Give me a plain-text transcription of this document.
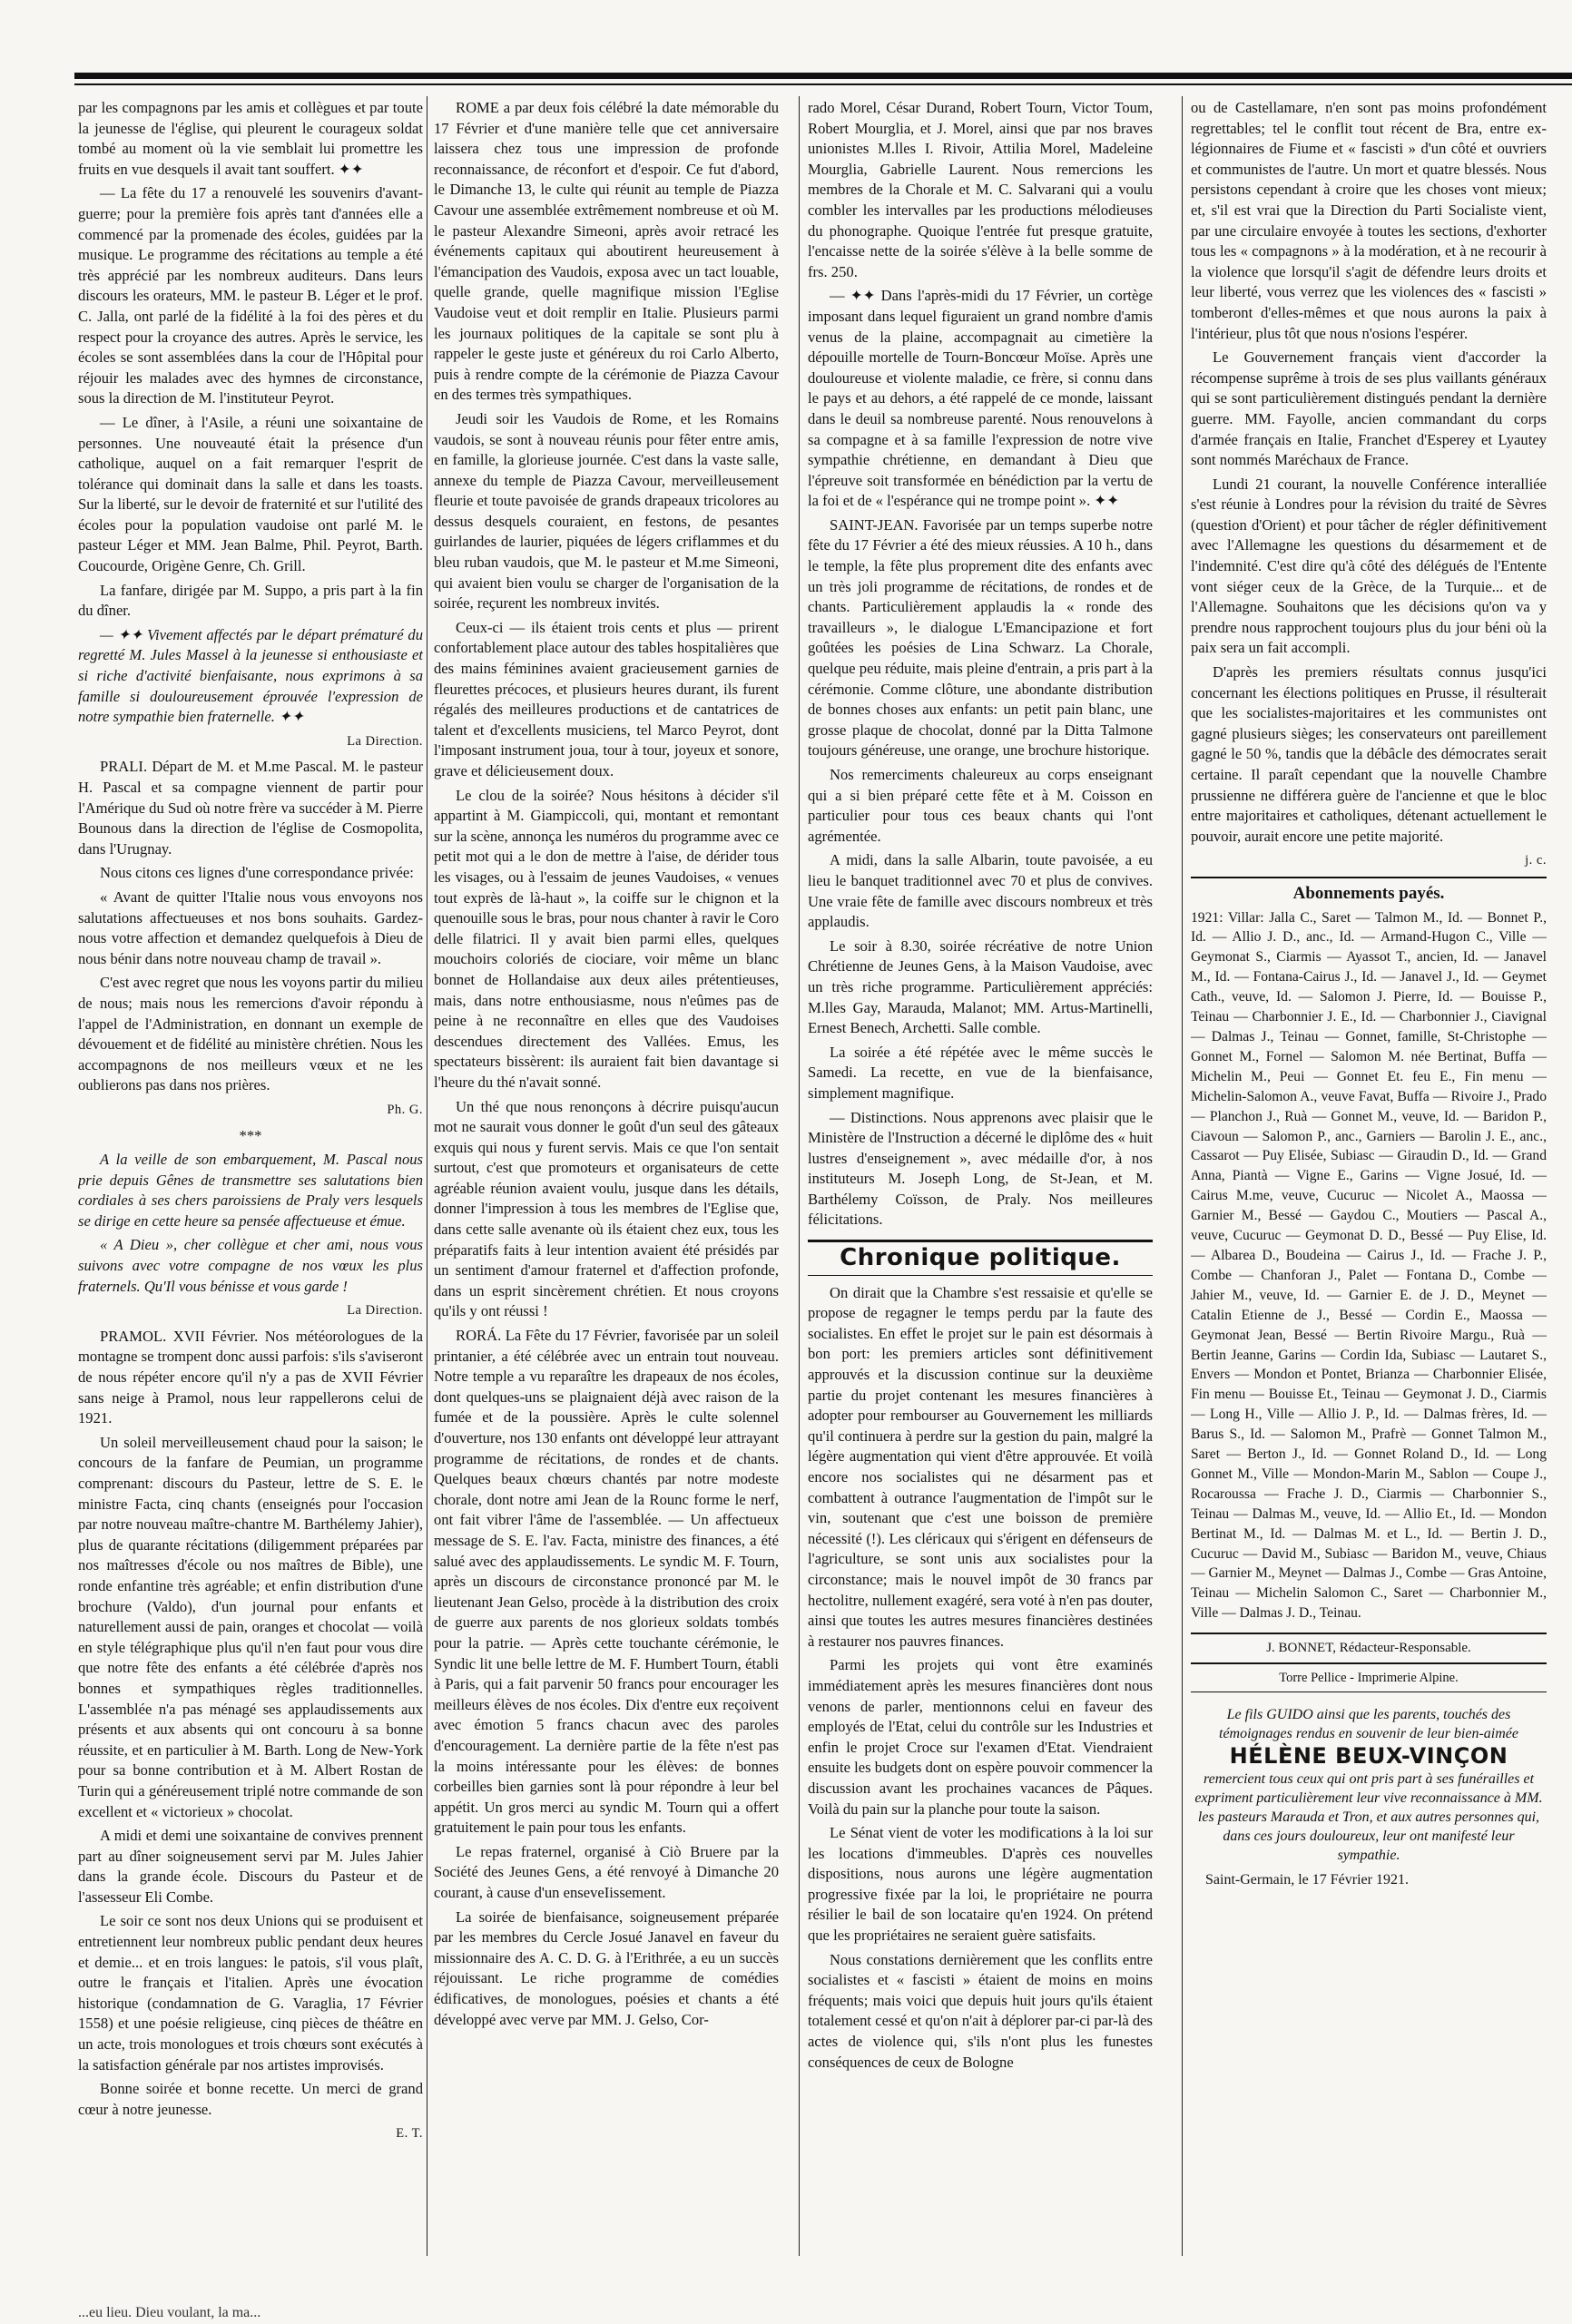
par les compagnons par les amis et collègues et par toute la jeunesse de l'église, qui pleurent le courageux soldat tombé au moment où la vie semblait lui promettre les fruits en vue desquels il avait tant souffert. ✦✦

— La fête du 17 a renouvelé les souvenirs d'avant-guerre; pour la première fois après tant d'années elle a commencé par la promenade des écoles, guidées par la musique. Le programme des récitations au temple a été très apprécié par les nombreux auditeurs. Dans leurs discours les orateurs, MM. le pasteur B. Léger et le prof. C. Jalla, ont parlé de la fidélité à la foi des pères et du respect pour la croyance des autres. Après le service, les écoles se sont assemblées dans la cour de l'Hôpital pour réjouir les malades avec des hymnes de circonstance, sous la direction de M. l'instituteur Peyrot.

— Le dîner, à l'Asile, a réuni une soixantaine de personnes. Une nouveauté était la présence d'un catholique, auquel on a fait remarquer l'esprit de tolérance qui dominait dans la salle et dans les toasts. Sur la liberté, sur le devoir de fraternité et sur l'utilité des écoles pour la population vaudoise ont parlé M. le pasteur Léger et MM. Jean Balme, Phil. Peyrot, Barth. Coucourde, Origène Genre, Ch. Grill.

La fanfare, dirigée par M. Suppo, a pris part à la fin du dîner.

— ✦✦ Vivement affectés par le départ prématuré du regretté M. Jules Massel à la jeunesse si enthousiaste et si riche d'activité bienfaisante, nous exprimons à sa famille si douloureusement éprouvée l'expression de notre sympathie bien fraternelle. ✦✦

La Direction.

PRALI. Départ de M. et M.me Pascal. M. le pasteur H. Pascal et sa compagne viennent de partir pour l'Amérique du Sud où notre frère va succéder à M. Pierre Bounous dans la direction de l'église de Cosmopolita, dans l'Urugnay.

Nous citons ces lignes d'une correspondance privée:

« Avant de quitter l'Italie nous vous envoyons nos salutations affectueuses et nos bons souhaits. Gardez-nous votre affection et demandez quelquefois à Dieu de nous bénir dans notre nouveau champ de travail ».

C'est avec regret que nous les voyons partir du milieu de nous; mais nous les remercions d'avoir répondu à l'appel de l'Administration, en donnant un exemple de dévouement et de fidélité au ministère chrétien. Nous les accompagnons de nos meilleurs vœux et ne les oublierons pas dans nos prières.

Ph. G.

***

A la veille de son embarquement, M. Pascal nous prie depuis Gênes de transmettre ses salutations bien cordiales à ses chers paroissiens de Praly vers lesquels se dirige en cette heure sa pensée affectueuse et émue.

« A Dieu », cher collègue et cher ami, nous vous suivons avec votre compagne de nos vœux les plus fraternels. Qu'Il vous bénisse et vous garde !

La Direction.

PRAMOL. XVII Février. Nos météorologues de la montagne se trompent donc aussi parfois: s'ils s'aviseront de nous répéter encore qu'il n'y a pas de XVII Février sans neige à Pramol, nous leur rappellerons celui de 1921.

Un soleil merveilleusement chaud pour la saison; le concours de la fanfare de Peumian, un programme comprenant: discours du Pasteur, lettre de S. E. le ministre Facta, cinq chants (enseignés pour l'occasion par notre nouveau maître-chantre M. Barthélemy Jahier), plus de quarante récitations (diligemment préparées par nos maîtresses d'école ou nos maîtres de Bible), une ronde enfantine très agréable; et enfin distribution d'une brochure (Valdo), d'un journal pour enfants et naturellement aussi de pain, oranges et chocolat — voilà en style télégraphique plus qu'il n'en faut pour vous dire que notre fête des enfants a été célébrée d'après nos bonnes et sympathiques règles traditionnelles. L'assemblée n'a pas ménagé ses applaudissements aux présents et aux absents qui ont concouru à sa bonne réussite, et en particulier à M. Barth. Long de New-York pour sa bonne contribution et à M. Albert Rostan de Turin qui a généreusement triplé notre commande de son excellent et « victorieux » chocolat.

A midi et demi une soixantaine de convives prennent part au dîner soigneusement servi par M. Jules Jahier dans la grande école. Discours du Pasteur et de l'assesseur Eli Combe.

Le soir ce sont nos deux Unions qui se produisent et entretiennent leur nombreux public pendant deux heures et demie... et en trois langues: le patois, s'il vous plaît, outre le français et l'italien. Après une évocation historique (condamnation de G. Varaglia, 17 Février 1558) et une poésie religieuse, cinq pièces de théâtre en un acte, trois monologues et trois chœurs sont exécutés à la satisfaction générale par nos artistes improvisés.

Bonne soirée et bonne recette. Un merci de grand cœur à notre jeunesse.

E. T.

ROME a par deux fois célébré la date mémorable du 17 Février et d'une manière telle que cet anniversaire laissera chez tous une impression de profonde reconnaissance, de réconfort et d'espoir. Ce fut d'abord, le Dimanche 13, le culte qui réunit au temple de Piazza Cavour une assemblée extrêmement nombreuse et où M. le pasteur Alexandre Simeoni, après avoir retracé les événements capitaux qui aboutirent heureusement à l'émancipation des Vaudois, exposa avec un tact louable, quelle grande, quelle magnifique mission l'Eglise Vaudoise veut et doit remplir en Italie. Plusieurs parmi les journaux politiques de la capitale se sont plu à rappeler le geste juste et généreux du roi Carlo Alberto, puis à rendre compte de la cérémonie de Piazza Cavour en des termes très sympathiques.

Jeudi soir les Vaudois de Rome, et les Romains vaudois, se sont à nouveau réunis pour fêter entre amis, en famille, la glorieuse journée. C'est dans la vaste salle, annexe du temple de Piazza Cavour, merveilleusement fleurie et toute pavoisée de grands drapeaux tricolores au dessus desquels couraient, en festons, de pesantes guirlandes de laurier, piquées de légers criflammes et du bleu ruban vaudois, que M. le pasteur et M.me Simeoni, qui avaient bien voulu se charger de l'organisation de la soirée, reçurent les nombreux invités.

Ceux-ci — ils étaient trois cents et plus — prirent confortablement place autour des tables hospitalières que des mains féminines avaient gracieusement garnies de fleurettes précoces, et plusieurs heures durant, ils furent régalés des meilleures productions et de cantatrices de talent et d'excellents musiciens, tel Marco Peyrot, dont l'imposant instrument joua, tour à tour, joyeux et sonore, grave et délicieusement doux.

Le clou de la soirée? Nous hésitons à décider s'il appartint à M. Giampiccoli, qui, montant et remontant sur la scène, annonça les numéros du programme avec ce petit mot qui a le don de mettre à l'aise, de dérider tous les visages, ou à l'essaim de jeunes Vaudoises, « venues tout exprès de là-haut », la coiffe sur le chignon et la quenouille sous le bras, pour nous chanter à ravir le Coro delle filatrici. Il y avait bien parmi elles, quelques mouchoirs coloriés de ciociare, voir même un blanc bonnet de Hollandaise aux deux ailes prétentieuses, mais, dans notre enthousiasme, nous n'eûmes pas de peine à ne reconnaître en elles que des Vaudoises descendues directement des Vallées. Emus, les spectateurs bissèrent: ils auraient fait bien davantage si l'heure du thé n'avait sonné.

Un thé que nous renonçons à décrire puisqu'aucun mot ne saurait vous donner le goût d'un seul des gâteaux exquis qui nous y furent servis. Mais ce que l'on sentait surtout, c'est que promoteurs et organisateurs de cette agréable réunion avaient voulu, jusque dans les détails, donner l'impression à tous les membres de l'Eglise que, dans cette salle avenante où ils étaient chez eux, tous les préparatifs faits à leur intention avaient été présidés par un sentiment d'amour fraternel et d'affection profonde, dans un esprit sincèrement chrétien. Et nous croyons qu'ils y ont réussi !

RORÁ. La Fête du 17 Février, favorisée par un soleil printanier, a été célébrée avec un entrain tout nouveau. Notre temple a vu reparaître les drapeaux de nos écoles, dont quelques-uns se plaignaient déjà avec raison de la fumée et de la poussière. Après le culte solennel d'ouverture, nos 130 enfants ont développé leur attrayant programme de récitations, de rondes et de chants. Quelques beaux chœurs chantés par notre modeste chorale, dont notre ami Jean de la Rounc forme le nerf, ont fait vibrer l'âme de l'assemblée. — Un affectueux message de S. E. l'av. Facta, ministre des finances, a été salué avec des applaudissements. Le syndic M. F. Tourn, après un discours de circonstance prononcé par M. le lieutenant Jean Gelso, procède à la distribution des croix de guerre aux parents de nos glorieux soldats tombés pour la patrie. — Après cette touchante cérémonie, le Syndic lit une belle lettre de M. F. Humbert Tourn, établi à Paris, qui a fait parvenir 50 francs pour encourager les meilleurs élèves de nos écoles. Dix d'entre eux reçoivent avec émotion 5 francs chacun avec des paroles d'encouragement. La dernière partie de la fête n'est pas la moins intéressante pour les élèves: de bonnes corbeilles bien garnies sont là pour répondre à leur bel appétit. Un gros merci au syndic M. Tourn qui a offert gratuitement le pain pour tous les enfants.

Le repas fraternel, organisé à Ciò Bruere par la Société des Jeunes Gens, a été renvoyé à Dimanche 20 courant, à cause d'un enseveIissement.

La soirée de bienfaisance, soigneusement préparée par les membres du Cercle Josué Janavel en faveur du missionnaire des A. C. D. G. à l'Erithrée, a eu un succès réjouissant. Le riche programme de comédies édificatives, de monologues, poésies et chants a été développé avec verve par MM. J. Gelso, Cor-

rado Morel, César Durand, Robert Tourn, Victor Toum, Robert Mourglia, et J. Morel, ainsi que par nos braves unionistes M.lles I. Rivoir, Attilia Morel, Madeleine Mourglia, Gabrielle Laurent. Nous remercions les membres de la Chorale et M. C. Salvarani qui a voulu combler les intervalles par les productions mélodieuses du phonographe. Quoique l'entrée fut presque gratuite, l'encaisse nette de la soirée s'élève à la belle somme de frs. 250.

— ✦✦ Dans l'après-midi du 17 Février, un cortège imposant dans lequel figuraient un grand nombre d'amis venus de la plaine, accompagnait au cimetière la dépouille mortelle de Tourn-Boncœur Moïse. Après une douloureuse et violente maladie, ce frère, si connu dans le pays et au dehors, a été rappelé de ce monde, laissant dans le deuil sa nombreuse parenté. Nous renouvelons à sa compagne et à sa famille l'expression de notre vive sympathie chrétienne, en demandant à Dieu que l'épreuve soit transformée en bénédiction par la vertu de la foi et de « l'espérance qui ne trompe point ». ✦✦

SAINT-JEAN. Favorisée par un temps superbe notre fête du 17 Février a été des mieux réussies. A 10 h., dans le temple, la fête plus proprement dite des enfants avec un très joli programme de récitations, de rondes et de chants. Particulièrement applaudis la « ronde des travailleurs », le dialogue L'Emancipazione et fort goûtées les poésies de Lina Schwarz. La Chorale, quelque peu réduite, mais pleine d'entrain, a pris part à la cérémonie. Comme clôture, une abondante distribution de bonnes choses aux enfants: un petit pain blanc, une grosse plaque de chocolat, donné par la Ditta Talmone toujours généreuse, une orange, une brochure historique.

Nos remerciments chaleureux au corps enseignant qui a si bien préparé cette fête et à M. Coisson en particulier pour tous ces beaux chants qui l'ont agrémentée.

A midi, dans la salle Albarin, toute pavoisée, a eu lieu le banquet traditionnel avec 70 et plus de convives. Une vraie fête de famille avec discours nombreux et très applaudis.

Le soir à 8.30, soirée récréative de notre Union Chrétienne de Jeunes Gens, à la Maison Vaudoise, avec un très riche programme. Particulièrement appréciés: M.lles Gay, Marauda, Malanot; MM. Artus-Martinelli, Ernest Benech, Archetti. Salle comble.

La soirée a été répétée avec le même succès le Samedi. La recette, en vue de la bienfaisance, simplement magnifique.

— Distinctions. Nous apprenons avec plaisir que le Ministère de l'Instruction a décerné le diplôme des « huit lustres d'enseignement », avec médaille d'or, à nos instituteurs M. Joseph Long, de St-Jean, et M. Barthélemy Coïsson, de Praly. Nos meilleures félicitations.

Chronique politique.

On dirait que la Chambre s'est ressaisie et qu'elle se propose de regagner le temps perdu par la faute des socialistes. En effet le projet sur le pain est désormais à bon port: les premiers articles sont définitivement approuvés et la discussion continue sur la deuxième partie du projet contenant les mesures financières à adopter pour rembourser au Gouvernement les milliards qu'il continuera à perdre sur la gestion du pain, malgré la légère augmentation qui vient d'être approuvée. Et voilà encore nos socialistes qui ne désarment pas et combattent à outrance l'augmentation de l'impôt sur le vin, soutenant que c'est une boisson de première nécessité (!). Les cléricaux qui s'érigent en défenseurs de l'agriculture, se sont unis aux socialistes pour la circonstance; mais le nouvel impôt de 30 francs par hectolitre, nullement exagéré, sera voté à n'en pas douter, ainsi que toutes les autres mesures financières destinées à restaurer nos pauvres finances.

Parmi les projets qui vont être examinés immédiatement après les mesures financières dont nous venons de parler, mentionnons celui en faveur des employés de l'Etat, celui du contrôle sur les Industries et enfin le projet Croce sur l'examen d'Etat. Viendraient ensuite les budgets dont on espère pouvoir commencer la discussion avant les prochaines vacances de Pâques. Voilà du pain sur la planche pour toute la saison.

Le Sénat vient de voter les modifications à la loi sur les locations d'immeubles. D'après ces nouvelles dispositions, nous aurons une légère augmentation progressive fixée par la loi, le propriétaire ne pourra résilier le bail de son locataire qu'en 1924. On prétend que les propriétaires ne seraient guère satisfaits.

Nous constations dernièrement que les conflits entre socialistes et « fascisti » étaient de moins en moins fréquents; mais voici que depuis huit jours qu'ils étaient totalement cessé et qu'on n'ait à déplorer par-ci par-là des actes de violence qui, s'ils n'ont plus les funestes conséquences de ceux de Bologne

ou de Castellamare, n'en sont pas moins profondément regrettables; tel le conflit tout récent de Bra, entre ex-légionnaires de Fiume et « fascisti » d'un côté et ouvriers et communistes de l'autre. Un mort et quatre blessés. Nous persistons cependant à croire que les choses vont mieux; et, s'il est vrai que la Direction du Parti Socialiste vient, par une circulaire envoyée à toutes les sections, d'exhorter tous les « compagnons » à la modération, et à ne recourir à la violence que lorsqu'il s'agit de défendre leurs droits et leur liberté, vous verrez que les violences des « fascisti » tomberont d'elles-mêmes et que nous aurons la paix à l'intérieur, plus tôt que nous n'osions l'espérer.

Le Gouvernement français vient d'accorder la récompense suprême à trois de ses plus vaillants généraux qui se sont particulièrement distingués pendant la dernière guerre. MM. Fayolle, ancien commandant du corps d'armée français en Italie, Franchet d'Esperey et Lyautey sont nommés Maréchaux de France.

Lundi 21 courant, la nouvelle Conférence interalliée s'est réunie à Londres pour la révision du traité de Sèvres (question d'Orient) et pour tâcher de régler définitivement avec l'Allemagne les questions du désarmement et de l'indemnité. C'est dire qu'à côté des délégués de l'Entente vont siéger ceux de la Grèce, de la Turquie... et de l'Allemagne. Souhaitons que les décisions qu'on va y prendre nous rapprochent toujours plus du jour béni où la paix sera un fait accompli.

D'après les premiers résultats connus jusqu'ici concernant les élections politiques en Prusse, il résulterait que les socialistes-majoritaires et les communistes ont gagné plusieurs sièges; les conservateurs ont pareillement gagné le 50 %, tandis que la débâcle des démocrates serait certaine. Il paraît cependant que la nouvelle Chambre prussienne ne différera guère de l'ancienne et que le bloc entre majoritaires et catholiques, détenant actuellement le pouvoir, aurait encore une petite majorité.

j. c.

Abonnements payés.

1921: Villar: Jalla C., Saret — Talmon M., Id. — Bonnet P., Id. — Allio J. D., anc., Id. — Armand-Hugon C., Ville — Geymonat S., Ciarmis — Ayassot T., ancien, Id. — Janavel M., Id. — Fontana-Cairus J., Id. — Janavel J., Id. — Geymet Cath., veuve, Id. — Salomon J. Pierre, Id. — Bouisse P., Teinau — Charbonnier J. E., Id. — Charbonnier J., Ciavignal — Dalmas J., Teinau — Gonnet, famille, St-Christophe — Gonnet M., Fornel — Salomon M. née Bertinat, Buffa — Michelin M., Peui — Gonnet Et. feu E., Fin menu — Michelin-Salomon A., veuve Favat, Buffa — Rivoire J., Prado — Planchon J., Ruà — Gonnet M., veuve, Id. — Baridon P., Ciavoun — Salomon P., anc., Garniers — Barolin J. E., anc., Cassarot — Puy Elisée, Subiasc — Giraudin D., Id. — Grand Anna, Piantà — Vigne E., Garins — Vigne Josué, Id. — Cairus M.me, veuve, Cucuruc — Nicolet A., Maossa — Garnier M., Bessé — Gaydou C., Moutiers — Pascal A., veuve, Cucuruc — Geymonat D. D., Bessé — Puy Elise, Id. — Albarea D., Boudeina — Cairus J., Id. — Frache J. P., Combe — Chanforan J., Palet — Fontana D., Combe — Jahier M., veuve, Id. — Garnier E. de J. D., Meynet — Catalin Etienne de J., Bessé — Cordin E., Maossa — Geymonat Jean, Bessé — Bertin Rivoire Margu., Ruà — Bertin Jeanne, Garins — Cordin Ida, Subiasc — Lautaret S., Envers — Mondon et Pontet, Brianza — Charbonnier Elisée, Fin menu — Bouisse Et., Teinau — Geymonat J. D., Ciarmis — Long H., Ville — Allio J. P., Id. — Dalmas frères, Id. — Barus S., Id. — Salomon M., Prafrè — Gonnet Talmon M., Saret — Berton J., Id. — Gonnet Roland D., Id. — Long Gonnet M., Ville — Mondon-Marin M., Sablon — Coupe J., Rocaroussa — Frache J. D., Ciarmis — Charbonnier S., Teinau — Dalmas M., veuve, Id. — Allio Et., Id. — Mondon Bertinat M., Id. — Dalmas M. et L., Id. — Bertin J. D., Cucuruc — David M., Subiasc — Baridon M., veuve, Chiaus — Garnier M., Meynet — Dalmas J., Combe — Gras Antoine, Teinau — Michelin Salomon C., Saret — Charbonnier M., Ville — Dalmas J. D., Teinau.

J. BONNET, Rédacteur-Responsable.
Torre Pellice - Imprimerie Alpine.
Le fils GUIDO ainsi que les parents, touchés des témoignages rendus en souvenir de leur bien-aimée
HÉLÈNE BEUX-VINÇON
remercient tous ceux qui ont pris part à ses funérailles et expriment particulièrement leur vive reconnaissance à MM. les pasteurs Marauda et Tron, et aux autres personnes qui, dans ces jours douloureux, leur ont manifesté leur sympathie.
Saint-Germain, le 17 Février 1921.
...eu lieu. Dieu voulant, la ma...
